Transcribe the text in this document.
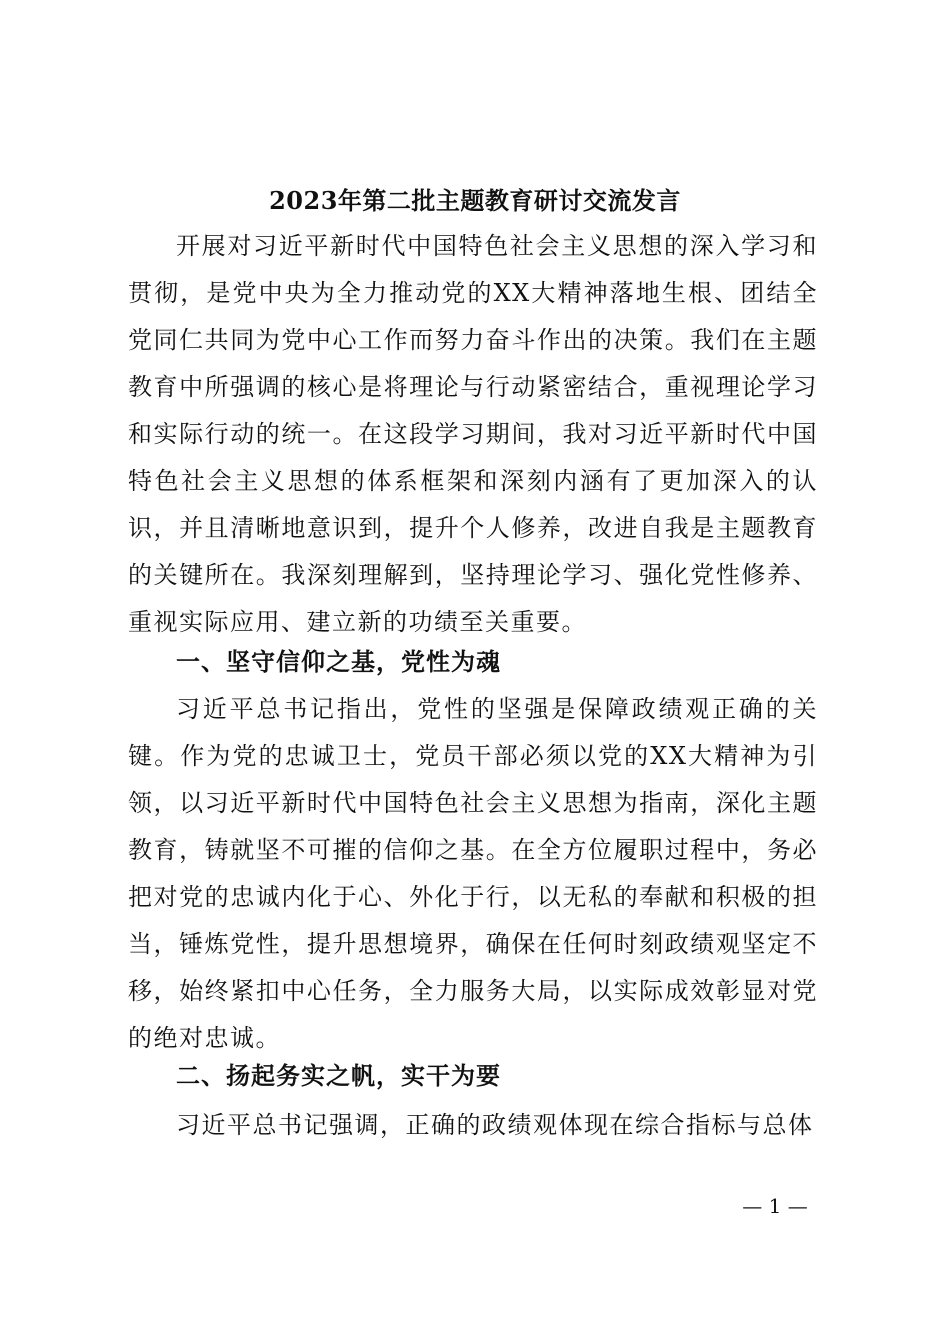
2023年第二批主题教育研讨交流发言
开展对习近平新时代中国特色社会主义思想的深入学习和贯彻，是党中央为全力推动党的XX大精神落地生根、团结全党同仁共同为党中心工作而努力奋斗作出的决策。我们在主题教育中所强调的核心是将理论与行动紧密结合，重视理论学习和实际行动的统一。在这段学习期间，我对习近平新时代中国特色社会主义思想的体系框架和深刻内涵有了更加深入的认识，并且清晰地意识到，提升个人修养，改进自我是主题教育的关键所在。我深刻理解到，坚持理论学习、强化党性修养、重视实际应用、建立新的功绩至关重要。
一、坚守信仰之基，党性为魂
习近平总书记指出，党性的坚强是保障政绩观正确的关键。作为党的忠诚卫士，党员干部必须以党的XX大精神为引领，以习近平新时代中国特色社会主义思想为指南，深化主题教育，铸就坚不可摧的信仰之基。在全方位履职过程中，务必把对党的忠诚内化于心、外化于行，以无私的奉献和积极的担当，锤炼党性，提升思想境界，确保在任何时刻政绩观坚定不移，始终紧扣中心任务，全力服务大局，以实际成效彰显对党的绝对忠诚。
二、扬起务实之帆，实干为要
习近平总书记强调，正确的政绩观体现在综合指标与总体
— 1 —
